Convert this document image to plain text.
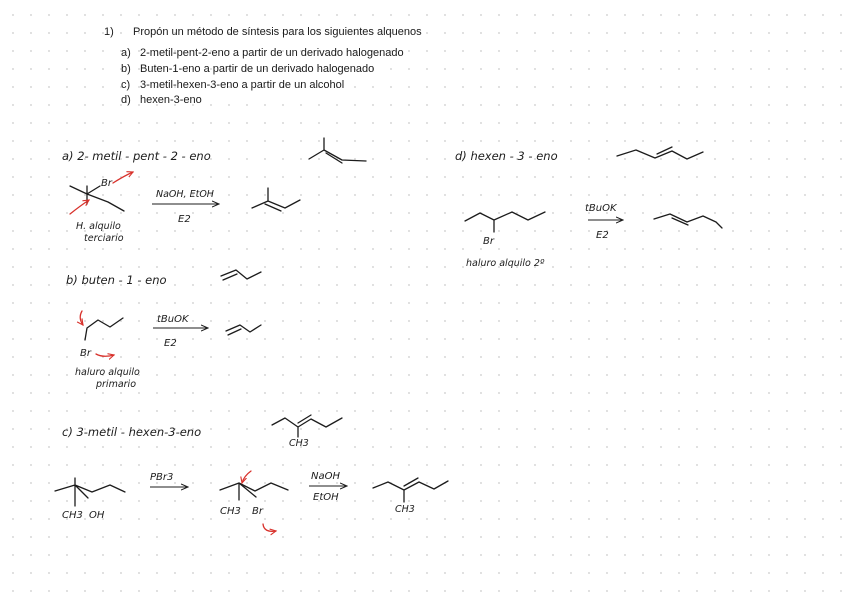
1)	Propón un método de síntesis para los siguientes alquenos
a) 2-metil-pent-2-eno a partir de un derivado halogenado
b) Buten-1-eno a partir de un derivado halogenado
c) 3-metil-hexen-3-eno a partir de un alcohol
d) hexen-3-eno
a) 2- metil - pent - 2 - eno
Br
NaOH, EtOH
E2
H. alquilo
terciario
b) buten - 1 - eno
Br
tBuOK
E2
haluro alquilo
primario
c) 3-metil - hexen-3-eno
CH3
CH3 OH
PBr3
CH3 Br
NaOH
EtOH
CH3
d) hexen - 3 - eno
Br
tBuOK
E2
haluro alquilo 2º
